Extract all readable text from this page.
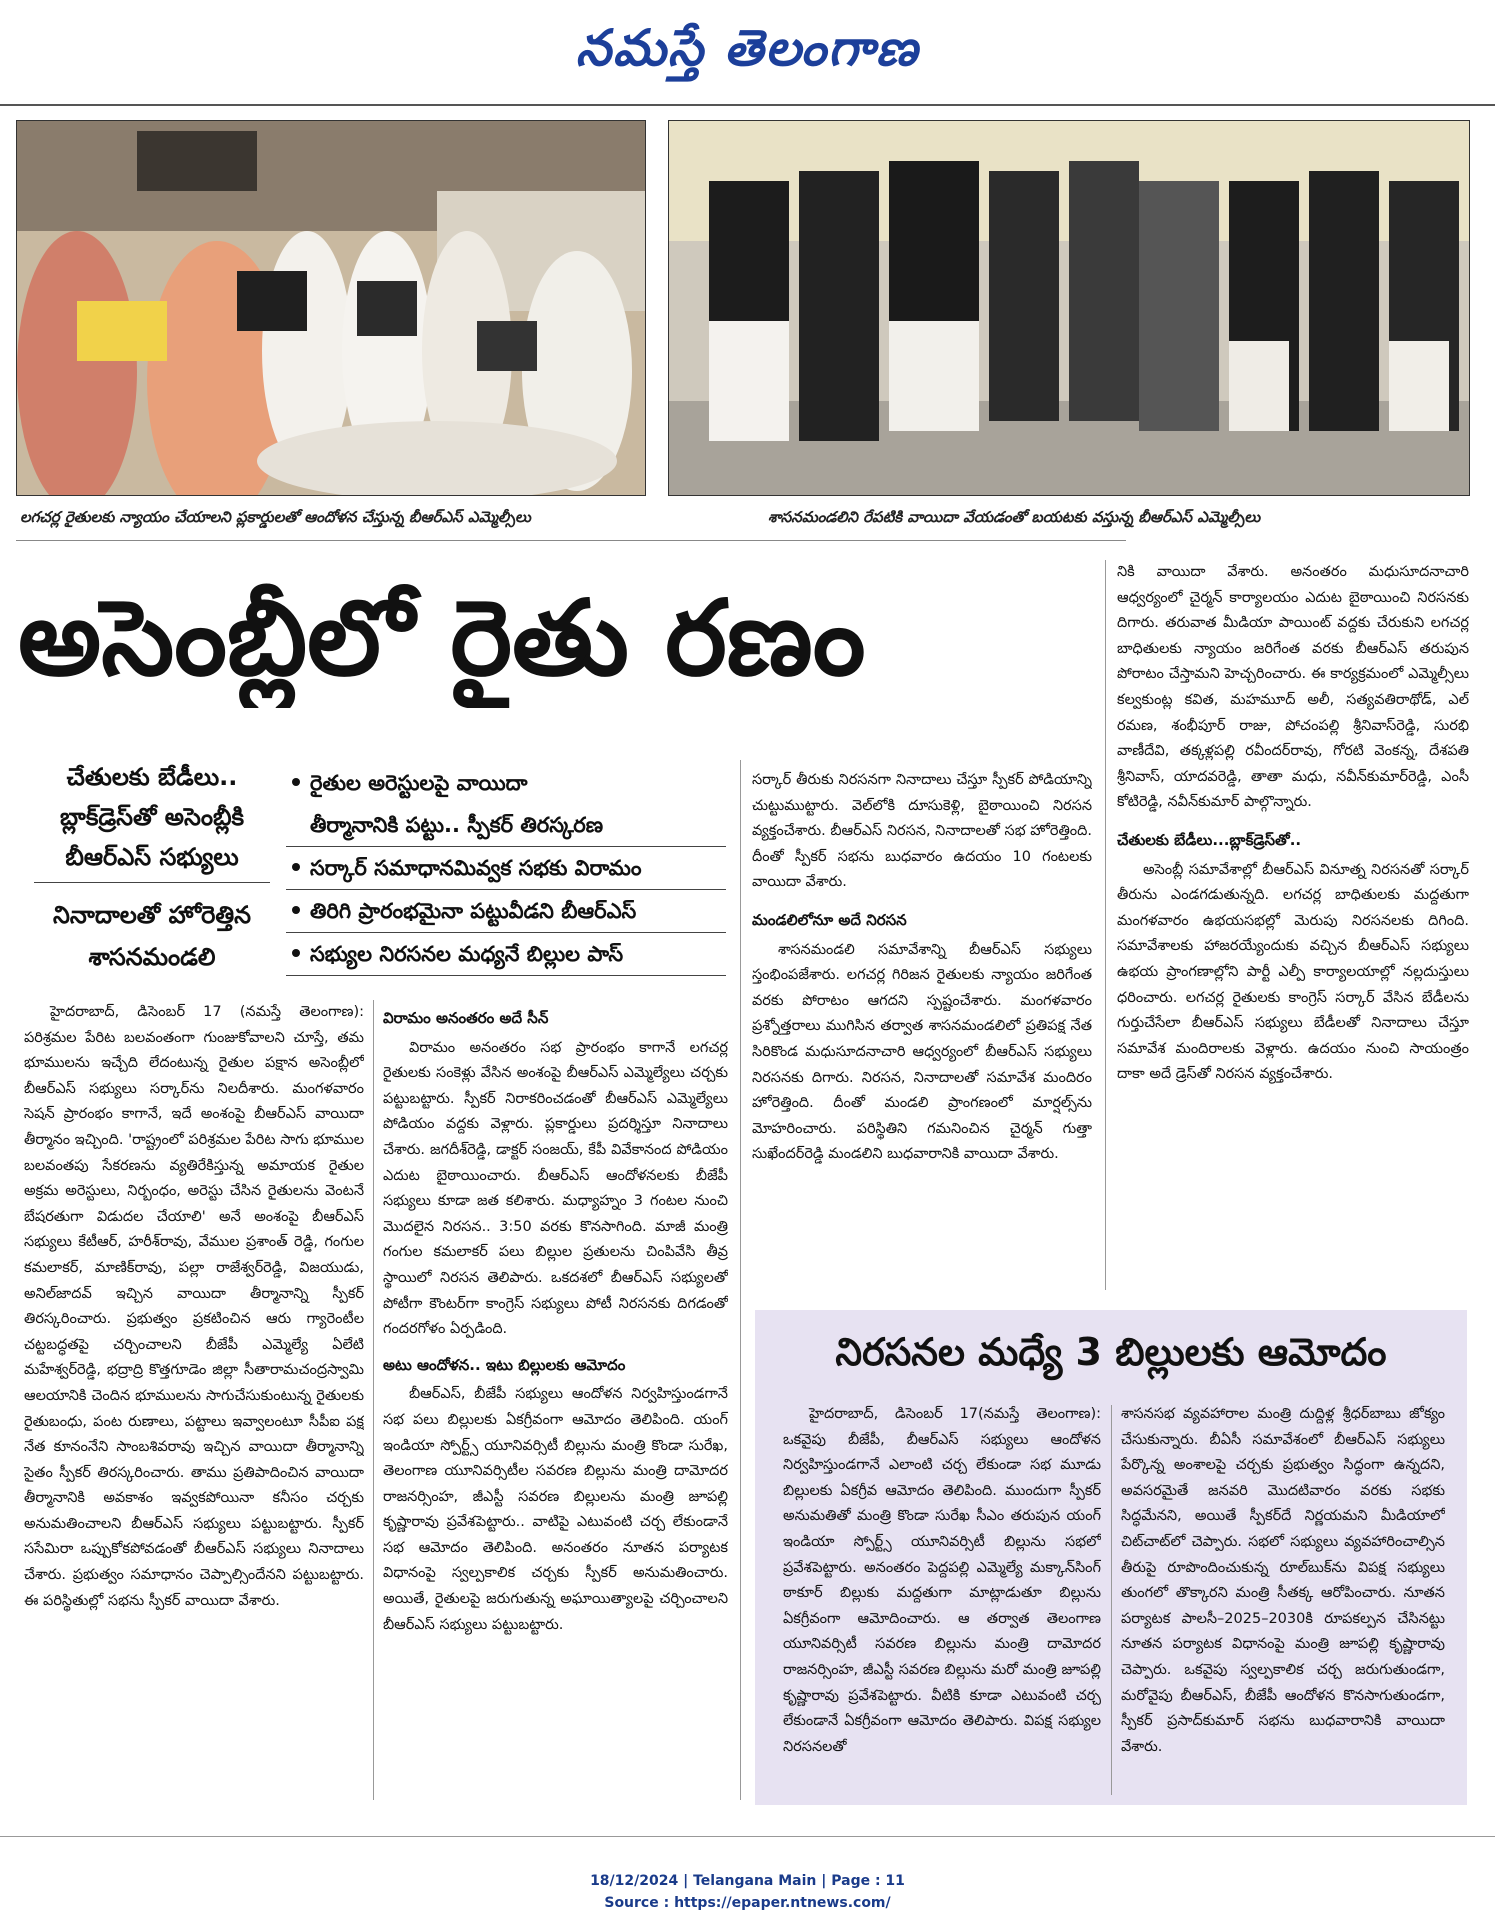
నమస్తే తెలంగాణ
లగచర్ల రైతులకు న్యాయం చేయాలని ప్లకార్డులతో ఆందోళన చేస్తున్న బీఆర్‌ఎస్‌ ఎమ్మెల్సీలు	శాసనమండలిని రేపటికి వాయిదా వేయడంతో బయటకు వస్తున్న బీఆర్‌ఎస్‌ ఎమ్మెల్సీలు
అసెంబ్లీలో రైతు రణం
చేతులకు బేడీలు..
బ్లాక్‌డ్రెస్‌తో అసెంబ్లీకి
బీఆర్‌ఎస్‌ సభ్యులు
నినాదాలతో హోరెత్తిన
శాసనమండలి
రైతుల అరెస్టులపై వాయిదా
తీర్మానానికి పట్టు.. స్పీకర్‌ తిరస్కరణ
సర్కార్‌ సమాధానమివ్వక సభకు విరామం
తిరిగి ప్రారంభమైనా పట్టువీడని బీఆర్‌ఎస్‌
సభ్యుల నిరసనల మధ్యనే బిల్లుల పాస్‌

హైదరాబాద్‌, డిసెంబర్‌ 17 (నమస్తే తెలంగాణ): పరిశ్రమల పేరిట బలవంతంగా గుంజుకోవాలని చూస్తే, తమ భూములను ఇచ్చేది లేదంటున్న రైతుల పక్షాన అసెంబ్లీలో బీఆర్‌ఎస్‌ సభ్యులు సర్కార్‌ను నిలదీశారు. మంగళవారం సెషన్‌ ప్రారంభం కాగానే, ఇదే అంశంపై బీఆర్‌ఎస్‌ వాయిదా తీర్మానం ఇచ్చింది. 'రాష్ట్రంలో పరిశ్రమల పేరిట సాగు భూముల బలవంతపు సేకరణను వ్యతిరేకిస్తున్న అమాయక రైతుల అక్రమ అరెస్టులు, నిర్బంధం, అరెస్టు చేసిన రైతులను వెంటనే బేషరతుగా విడుదల చేయాలి' అనే అంశంపై బీఆర్‌ఎస్‌ సభ్యులు కేటీఆర్‌, హరీశ్‌రావు, వేముల ప్రశాంత్‌ రెడ్డి, గంగుల కమలాకర్‌, మాణిక్‌రావు, పల్లా రాజేశ్వర్‌రెడ్డి, విజయుడు, అనిల్‌జాదవ్‌ ఇచ్చిన వాయిదా తీర్మానాన్ని స్పీకర్‌ తిరస్కరించారు. ప్రభుత్వం ప్రకటించిన ఆరు గ్యారెంటీల చట్టబద్ధతపై చర్చించాలని బీజేపీ ఎమ్మెల్యే ఏలేటి మహేశ్వర్‌రెడ్డి, భద్రాద్రి కొత్తగూడెం జిల్లా సీతారామచంద్రస్వామి ఆలయానికి చెందిన భూములను సాగుచేసుకుంటున్న రైతులకు రైతుబంధు, పంట రుణాలు, పట్టాలు ఇవ్వాలంటూ సీపీఐ పక్ష నేత కూనంనేని సాంబశివరావు ఇచ్చిన వాయిదా తీర్మానాన్ని సైతం స్పీకర్‌ తిరస్కరించారు. తాము ప్రతిపాదించిన వాయిదా తీర్మానానికి అవకాశం ఇవ్వకపోయినా కనీసం చర్చకు అనుమతించాలని బీఆర్‌ఎస్‌ సభ్యులు పట్టుబట్టారు. స్పీకర్‌ ససేమిరా ఒప్పుకోకపోవడంతో బీఆర్‌ఎస్‌ సభ్యులు నినాదాలు చేశారు. ప్రభుత్వం సమాధానం చెప్పాల్సిందేనని పట్టుబట్టారు. ఈ పరిస్థితుల్లో సభను స్పీకర్‌ వాయిదా వేశారు.

విరామం అనంతరం అదే సీన్‌

విరామం అనంతరం సభ ప్రారంభం కాగానే లగచర్ల రైతులకు సంకెళ్లు వేసిన అంశంపై బీఆర్‌ఎస్‌ ఎమ్మెల్యేలు చర్చకు పట్టుబట్టారు. స్పీకర్‌ నిరాకరించడంతో బీఆర్‌ఎస్‌ ఎమ్మెల్యేలు పోడియం వద్దకు వెళ్లారు. ప్లకార్డులు ప్రదర్శిస్తూ నినాదాలు చేశారు. జగదీశ్‌రెడ్డి, డాక్టర్‌ సంజయ్‌, కేపీ వివేకానంద పోడియం ఎదుట బైఠాయించారు. బీఆర్‌ఎస్‌ ఆందోళనలకు బీజేపీ సభ్యులు కూడా జత కలిశారు. మధ్యాహ్నం 3 గంటల నుంచి మొదలైన నిరసన.. 3:50 వరకు కొనసాగింది. మాజీ మంత్రి గంగుల కమలాకర్‌ పలు బిల్లుల ప్రతులను చింపివేసి తీవ్ర స్థాయిలో నిరసన తెలిపారు. ఒకదశలో బీఆర్‌ఎస్‌ సభ్యులతో పోటీగా కౌంటర్‌గా కాంగ్రెస్‌ సభ్యులు పోటీ నిరసనకు దిగడంతో గందరగోళం ఏర్పడింది.

అటు ఆందోళన.. ఇటు బిల్లులకు ఆమోదం

బీఆర్‌ఎస్‌, బీజేపీ సభ్యులు ఆందోళన నిర్వహిస్తుండగానే సభ పలు బిల్లులకు ఏకగ్రీవంగా ఆమోదం తెలిపింది. యంగ్‌ ఇండియా స్పోర్ట్స్‌ యూనివర్సిటీ బిల్లును మంత్రి కొండా సురేఖ, తెలంగాణ యూనివర్సిటీల సవరణ బిల్లును మంత్రి దామోదర రాజనర్సింహ, జీఎస్టీ సవరణ బిల్లులను మంత్రి జూపల్లి కృష్ణారావు ప్రవేశపెట్టారు.. వాటిపై ఎటువంటి చర్చ లేకుండానే సభ ఆమోదం తెలిపింది. అనంతరం నూతన పర్యాటక విధానంపై స్వల్పకాలిక చర్చకు స్పీకర్‌ అనుమతించారు. అయితే, రైతులపై జరుగుతున్న అఘాయిత్యాలపై చర్చించాలని బీఆర్‌ఎస్‌ సభ్యులు పట్టుబట్టారు.

సర్కార్‌ తీరుకు నిరసనగా నినాదాలు చేస్తూ స్పీకర్‌ పోడియాన్ని చుట్టుముట్టారు. వెల్‌లోకి దూసుకెళ్లి, బైఠాయించి నిరసన వ్యక్తంచేశారు. బీఆర్‌ఎస్‌ నిరసన, నినాదాలతో సభ హోరెత్తింది. దీంతో స్పీకర్‌ సభను బుధవారం ఉదయం 10 గంటలకు వాయిదా వేశారు.

మండలిలోనూ అదే నిరసన

శాసనమండలి సమావేశాన్ని బీఆర్‌ఎస్‌ సభ్యులు స్తంభింపజేశారు. లగచర్ల గిరిజన రైతులకు న్యాయం జరిగేంత వరకు పోరాటం ఆగదని స్పష్టంచేశారు. మంగళవారం ప్రశ్నోత్తరాలు ముగిసిన తర్వాత శాసనమండలిలో ప్రతిపక్ష నేత సిరికొండ మధుసూదనాచారి ఆధ్వర్యంలో బీఆర్‌ఎస్‌ సభ్యులు నిరసనకు దిగారు. నిరసన, నినాదాలతో సమావేశ మందిరం హోరెత్తింది. దీంతో మండలి ప్రాంగణంలో మార్షల్స్‌ను మోహరించారు. పరిస్థితిని గమనించిన చైర్మన్‌ గుత్తా సుఖేందర్‌రెడ్డి మండలిని బుధవారానికి వాయిదా వేశారు.

నికి వాయిదా వేశారు. అనంతరం మధుసూదనాచారి ఆధ్వర్యంలో చైర్మన్‌ కార్యాలయం ఎదుట బైఠాయించి నిరసనకు దిగారు. తరువాత మీడియా పాయింట్‌ వద్దకు చేరుకుని లగచర్ల బాధితులకు న్యాయం జరిగేంత వరకు బీఆర్‌ఎస్‌ తరుపున పోరాటం చేస్తామని హెచ్చరించారు. ఈ కార్యక్రమంలో ఎమ్మెల్సీలు కల్వకుంట్ల కవిత, మహమూద్‌ అలీ, సత్యవతిరాథోడ్‌, ఎల్‌ రమణ, శంభీపూర్‌ రాజు, పోచంపల్లి శ్రీనివాస్‌రెడ్డి, సురభి వాణీదేవి, తక్కళ్లపల్లి రవీందర్‌రావు, గోరటి వెంకన్న, దేశపతి శ్రీనివాస్‌, యాదవరెడ్డి, తాతా మధు, నవీన్‌కుమార్‌రెడ్డి, ఎంసీ కోటిరెడ్డి, నవీన్‌కుమార్‌ పాల్గొన్నారు.

చేతులకు బేడీలు...బ్లాక్‌డ్రెస్‌తో..

అసెంబ్లీ సమావేశాల్లో బీఆర్‌ఎస్‌ వినూత్న నిరసనతో సర్కార్‌ తీరును ఎండగడుతున్నది. లగచర్ల బాధితులకు మద్దతుగా మంగళవారం ఉభయసభల్లో మెరుపు నిరసనలకు దిగింది. సమావేశాలకు హాజరయ్యేందుకు వచ్చిన బీఆర్‌ఎస్‌ సభ్యులు ఉభయ ప్రాంగణాల్లోని పార్టీ ఎల్పీ కార్యాలయాల్లో నల్లదుస్తులు ధరించారు. లగచర్ల రైతులకు కాంగ్రెస్‌ సర్కార్‌ వేసిన బేడీలను గుర్తుచేసేలా బీఆర్‌ఎస్‌ సభ్యులు బేడీలతో నినాదాలు చేస్తూ సమావేశ మందిరాలకు వెళ్లారు. ఉదయం నుంచి సాయంత్రం దాకా అదే డ్రెస్‌తో నిరసన వ్యక్తంచేశారు.

నిరసనల మధ్యే 3 బిల్లులకు ఆమోదం

హైదరాబాద్‌, డిసెంబర్‌ 17(నమస్తే తెలంగాణ): ఒకవైపు బీజేపీ, బీఆర్‌ఎస్‌ సభ్యులు ఆందోళన నిర్వహిస్తుండగానే ఎలాంటి చర్చ లేకుండా సభ మూడు బిల్లులకు ఏకగ్రీవ ఆమోదం తెలిపింది. ముందుగా స్పీకర్‌ అనుమతితో మంత్రి కొండా సురేఖ సీఎం తరుపున యంగ్‌ ఇండియా స్పోర్ట్స్‌ యూనివర్సిటీ బిల్లును సభలో ప్రవేశపెట్టారు. అనంతరం పెద్దపల్లి ఎమ్మెల్యే మక్కాన్‌సింగ్‌ ఠాకూర్‌ బిల్లుకు మద్దతుగా మాట్లాడుతూ బిల్లును ఏకగ్రీవంగా ఆమోదించారు. ఆ తర్వాత తెలంగాణ యూనివర్సిటీ సవరణ బిల్లును మంత్రి దామోదర రాజనర్సింహ, జీఎస్టీ సవరణ బిల్లును మరో మంత్రి జూపల్లి కృష్ణారావు ప్రవేశపెట్టారు. వీటికి కూడా ఎటువంటి చర్చ లేకుండానే ఏకగ్రీవంగా ఆమోదం తెలిపారు. విపక్ష సభ్యుల నిరసనలతో

శాసనసభ వ్యవహారాల మంత్రి దుద్దిళ్ల శ్రీధర్‌బాబు జోక్యం చేసుకున్నారు. బీఏసీ సమావేశంలో బీఆర్‌ఎస్‌ సభ్యులు పేర్కొన్న అంశాలపై చర్చకు ప్రభుత్వం సిద్ధంగా ఉన్నదని, అవసరమైతే జనవరి మొదటివారం వరకు సభకు సిద్ధమేనని, అయితే స్పీకర్‌దే నిర్ణయమని మీడియాలో చిట్‌చాట్‌లో చెప్పారు. సభలో సభ్యులు వ్యవహారించాల్సిన తీరుపై రూపొందించుకున్న రూల్‌బుక్‌ను విపక్ష సభ్యులు తుంగలో తొక్కారని మంత్రి సీతక్క ఆరోపించారు. నూతన పర్యాటక పాలసీ–2025–2030కి రూపకల్పన చేసినట్టు నూతన పర్యాటక విధానంపై మంత్రి జూపల్లి కృష్ణారావు చెప్పారు. ఒకవైపు స్వల్పకాలిక చర్చ జరుగుతుండగా, మరోవైపు బీఆర్‌ఎస్‌, బీజేపీ ఆందోళన కొనసాగుతుండగా, స్పీకర్‌ ప్రసాద్‌కుమార్‌ సభను బుధవారానికి వాయిదా వేశారు.

18/12/2024 | Telangana Main | Page : 11
Source : https://epaper.ntnews.com/
